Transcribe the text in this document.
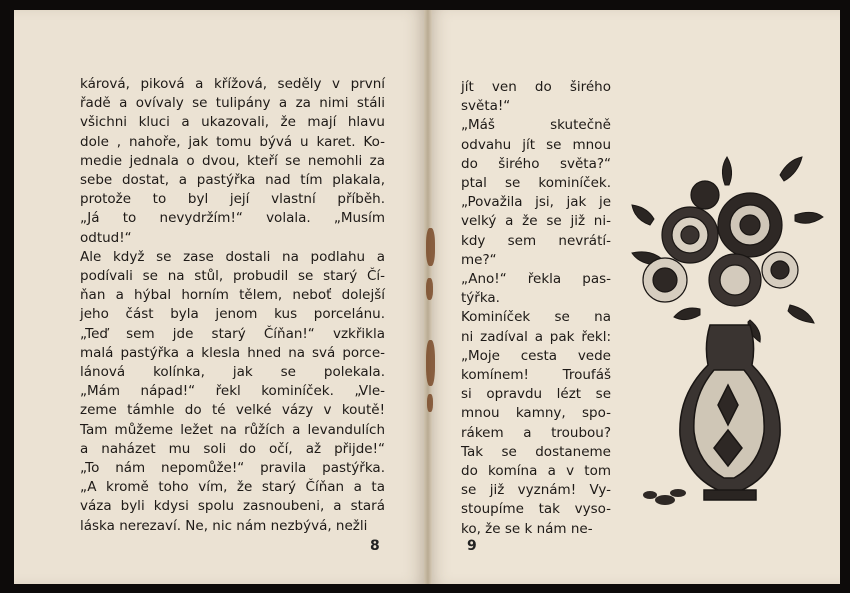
kárová, piková a křížová, seděly v první
řadě a ovívaly se tulipány a za nimi stáli
všichni kluci a ukazovali, že mají hlavu
dole , nahoře, jak tomu bývá u karet. Ko-
medie jednala o dvou, kteří se nemohli za
sebe dostat, a pastýřka nad tím plakala,
protože to byl její vlastní příběh.
„Já to nevydržím!“ volala. „Musím
odtud!“
Ale když se zase dostali na podlahu a
podívali se na stůl, probudil se starý Čí-
ňan a hýbal horním tělem, neboť dolejší
jeho část byla jenom kus porcelánu.
„Teď sem jde starý Číňan!“ vzkřikla
malá pastýřka a klesla hned na svá porce-
lánová kolínka, jak se polekala.
„Mám nápad!“ řekl kominíček. „Vle-
zeme támhle do té velké vázy v koutě!
Tam můžeme ležet na růžích a levandulích
a naházet mu soli do očí, až přijde!“
„To nám nepomůže!“ pravila pastýřka.
„A kromě toho vím, že starý Číňan a ta
váza byli kdysi spolu zasnoubeni, a stará
láska nerezaví. Ne, nic nám nezbývá, nežli
jít ven do širého
světa!“
„Máš skutečně
odvahu jít se mnou
do širého světa?“
ptal se kominíček.
„Považila jsi, jak je
velký a že se již ni-
kdy sem nevrátí-
me?“
„Ano!“ řekla pas-
týřka.
Kominíček se na
ni zadíval a pak řekl:
„Moje cesta vede
komínem! Troufáš
si opravdu lézt se
mnou kamny, spo-
rákem a troubou?
Tak se dostaneme
do komína a v tom
se již vyznám! Vy-
stoupíme tak vyso-
ko, že se k nám ne-
8	9
